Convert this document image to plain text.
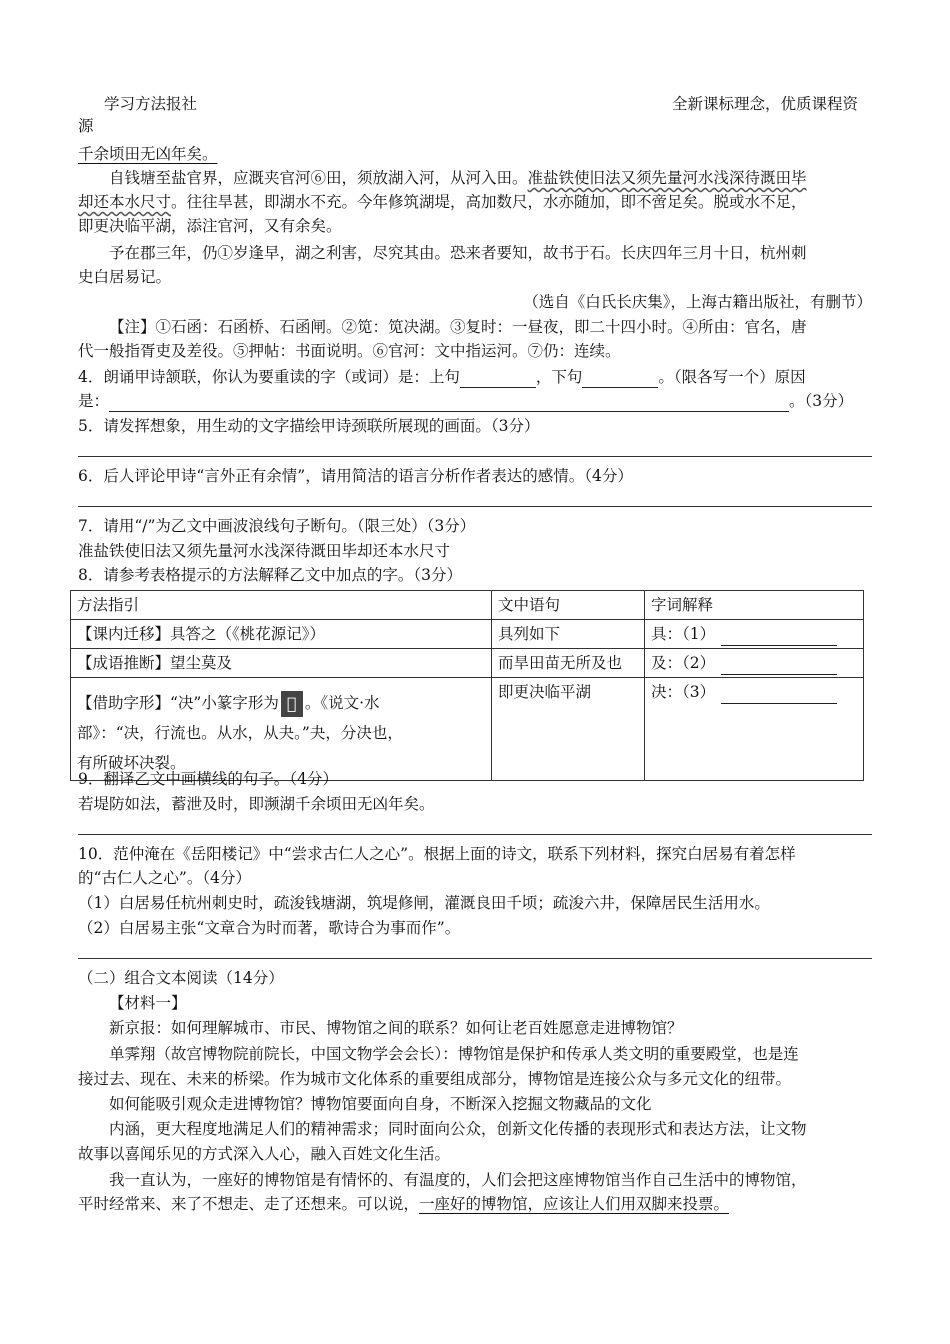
学习方法报社	全新课标理念，优质课程资
源
千余顷田无凶年矣。
自钱塘至盐官界，应溉夹官河⑥田，须放湖入河，从河入田。准盐铁使旧法又须先量河水浅深待溉田毕
却还本水尺寸。往往旱甚，即湖水不充。今年修筑湖堤，高加数尺，水亦随加，即不啻足矣。脱或水不足，
即更决临平湖，添注官河，又有余矣。
予在郡三年，仍①岁逢早，湖之利害，尽究其由。恐来者要知，故书于石。长庆四年三月十日，杭州刺
史白居易记。
（选自《白氏长庆集》，上海古籍出版社，有删节）
【注】①石函：石函桥、石函闸。②笕：笕决湖。③复时：一昼夜，即二十四小时。④所由：官名，唐
代一般指胥吏及差役。⑤押帖：书面说明。⑥官河：文中指运河。⑦仍：连续。
4．朗诵甲诗颔联，你认为要重读的字（或词）是：上句	，下句	。（限各写一个）原因
是：	。（3分）
5．请发挥想象，用生动的文字描绘甲诗颈联所展现的画面。（3分）
6．后人评论甲诗“言外正有余情”，请用简洁的语言分析作者表达的感情。（4分）
7．请用“/”为乙文中画波浪线句子断句。（限三处）（3分）
准盐铁使旧法又须先量河水浅深待溉田毕却还本水尺寸
8．请参考表格提示的方法解释乙文中加点的字。（3分）
方法指引	文中语句	字词解释
【课内迁移】具答之（《桃花源记》）	具列如下	具：（1）
【成语推断】望尘莫及	而旱田苗无所及也	及：（2）
【借助字形】“决”小篆字形为 𣲖 。《说文·水
部》：“决，行流也。从水，从夬。”夬，分决也，
有所破坏决裂。	即更决临平湖	决：（3）
9．翻译乙文中画横线的句子。（4分）
若堤防如法，蓄泄及时，即濒湖千余顷田无凶年矣。
10．范仲淹在《岳阳楼记》中“尝求古仁人之心”。根据上面的诗文，联系下列材料，探究白居易有着怎样
的“古仁人之心”。（4分）
（1）白居易任杭州刺史时，疏浚钱塘湖，筑堤修闸，灌溉良田千顷；疏浚六井，保障居民生活用水。
（2）白居易主张“文章合为时而著，歌诗合为事而作”。
（二）组合文本阅读（14分）
【材料一】
新京报：如何理解城市、市民、博物馆之间的联系？如何让老百姓愿意走进博物馆？
单霁翔（故宫博物院前院长，中国文物学会会长）：博物馆是保护和传承人类文明的重要殿堂，也是连
接过去、现在、未来的桥梁。作为城市文化体系的重要组成部分，博物馆是连接公众与多元文化的纽带。
如何能吸引观众走进博物馆？博物馆要面向自身，不断深入挖掘文物藏品的文化
内涵，更大程度地满足人们的精神需求；同时面向公众，创新文化传播的表现形式和表达方法，让文物
故事以喜闻乐见的方式深入人心，融入百姓文化生活。
我一直认为，一座好的博物馆是有情怀的、有温度的，人们会把这座博物馆当作自己生活中的博物馆，
平时经常来、来了不想走、走了还想来。可以说，一座好的博物馆，应该让人们用双脚来投票。
